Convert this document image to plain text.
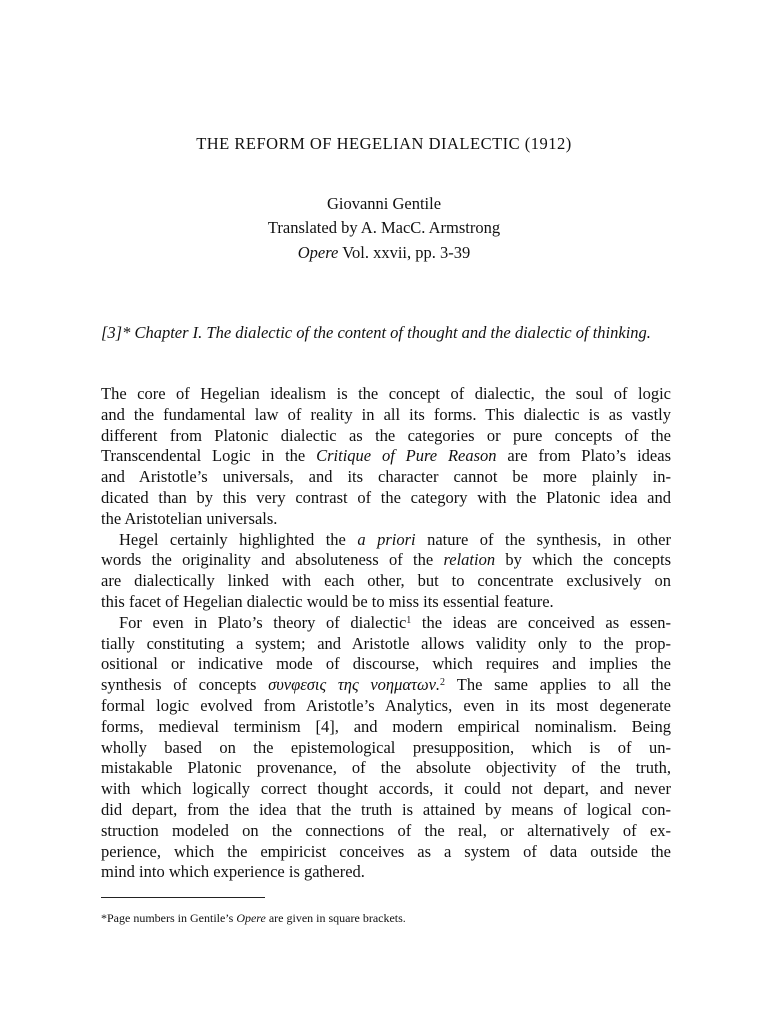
THE REFORM OF HEGELIAN DIALECTIC (1912)
Giovanni Gentile
Translated by A. MacC. Armstrong
Opere Vol. xxvii, pp. 3-39
[3]* Chapter I. The dialectic of the content of thought and the dialectic of thinking.
The core of Hegelian idealism is the concept of dialectic, the soul of logic
and the fundamental law of reality in all its forms. This dialectic is as vastly
different from Platonic dialectic as the categories or pure concepts of the
Transcendental Logic in the Critique of Pure Reason are from Plato’s ideas
and Aristotle’s universals, and its character cannot be more plainly in-
dicated than by this very contrast of the category with the Platonic idea and
the Aristotelian universals.
Hegel certainly highlighted the a priori nature of the synthesis, in other
words the originality and absoluteness of the relation by which the concepts
are dialectically linked with each other, but to concentrate exclusively on
this facet of Hegelian dialectic would be to miss its essential feature.
For even in Plato’s theory of dialectic$^1$ the ideas are conceived as essen-
tially constituting a system; and Aristotle allows validity only to the prop-
ositional or indicative mode of discourse, which requires and implies the
synthesis of concepts συνφεσις της νοηματων.$^2$ The same applies to all the
formal logic evolved from Aristotle’s Analytics, even in its most degenerate
forms, medieval terminism [4], and modern empirical nominalism. Being
wholly based on the epistemological presupposition, which is of un-
mistakable Platonic provenance, of the absolute objectivity of the truth,
with which logically correct thought accords, it could not depart, and never
did depart, from the idea that the truth is attained by means of logical con-
struction modeled on the connections of the real, or alternatively of ex-
perience, which the empiricist conceives as a system of data outside the
mind into which experience is gathered.
*Page numbers in Gentile’s Opere are given in square brackets.
